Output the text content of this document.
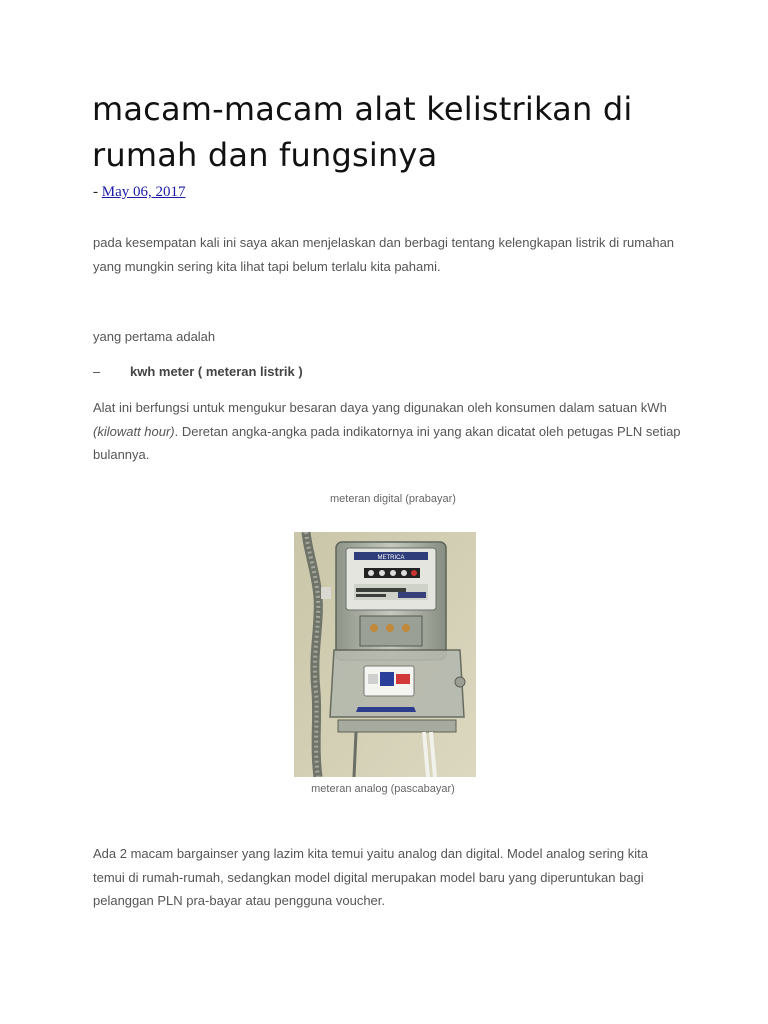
macam-macam alat kelistrikan di rumah dan fungsinya
- May 06, 2017

pada kesempatan kali ini saya akan menjelaskan dan berbagi tentang kelengkapan listrik di rumahan yang mungkin sering kita lihat tapi belum terlalu kita pahami.

yang pertama adalah

– kwh meter ( meteran listrik )

Alat ini berfungsi untuk mengukur besaran daya yang digunakan oleh konsumen dalam satuan kWh (kilowatt hour). Deretan angka-angka pada indikatornya ini yang akan dicatat oleh petugas PLN setiap bulannya.

meteran digital (prabayar)
METRICA
meteran analog (pascabayar)

Ada 2 macam bargainser yang lazim kita temui yaitu analog dan digital. Model analog sering kita temui di rumah-rumah, sedangkan model digital merupakan model baru yang diperuntukan bagi pelanggan PLN pra-bayar atau pengguna voucher.
